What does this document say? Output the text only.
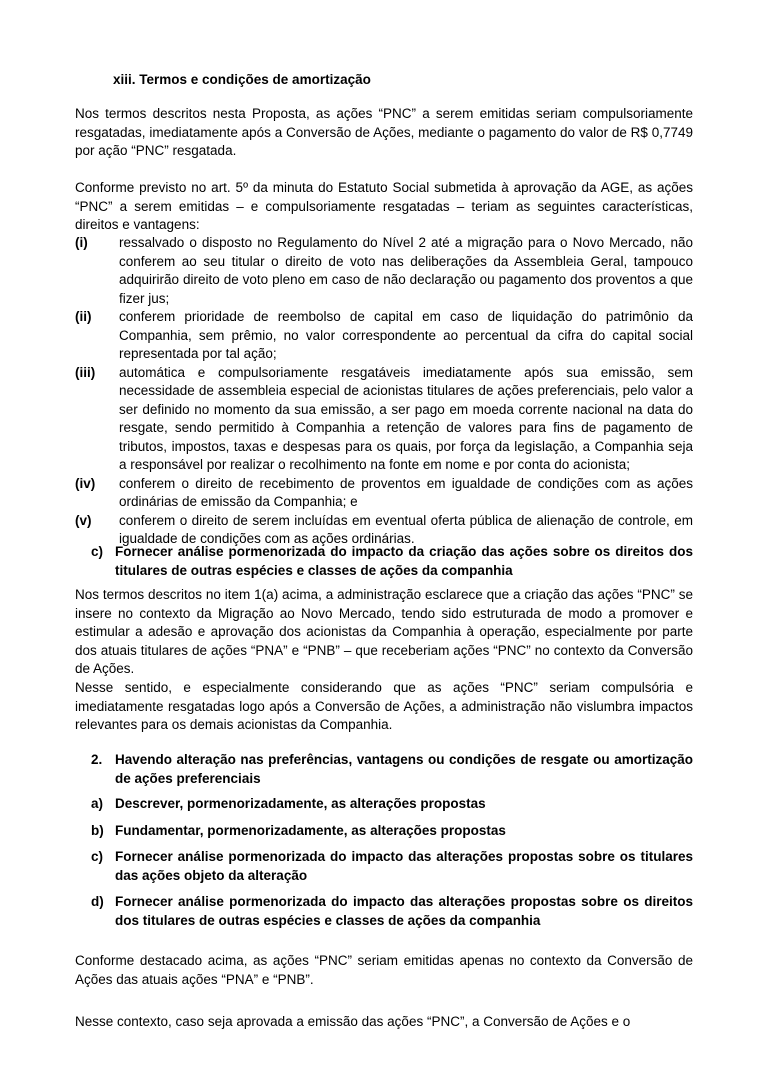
xiii. Termos e condições de amortização
Nos termos descritos nesta Proposta, as ações “PNC” a serem emitidas seriam compulsoriamente resgatadas, imediatamente após a Conversão de Ações, mediante o pagamento do valor de R$ 0,7749 por ação “PNC” resgatada.
Conforme previsto no art. 5º da minuta do Estatuto Social submetida à aprovação da AGE, as ações “PNC” a serem emitidas – e compulsoriamente resgatadas – teriam as seguintes características, direitos e vantagens:
(i) ressalvado o disposto no Regulamento do Nível 2 até a migração para o Novo Mercado, não conferem ao seu titular o direito de voto nas deliberações da Assembleia Geral, tampouco adquirirão direito de voto pleno em caso de não declaração ou pagamento dos proventos a que fizer jus;
(ii) conferem prioridade de reembolso de capital em caso de liquidação do patrimônio da Companhia, sem prêmio, no valor correspondente ao percentual da cifra do capital social representada por tal ação;
(iii) automática e compulsoriamente resgatáveis imediatamente após sua emissão, sem necessidade de assembleia especial de acionistas titulares de ações preferenciais, pelo valor a ser definido no momento da sua emissão, a ser pago em moeda corrente nacional na data do resgate, sendo permitido à Companhia a retenção de valores para fins de pagamento de tributos, impostos, taxas e despesas para os quais, por força da legislação, a Companhia seja a responsável por realizar o recolhimento na fonte em nome e por conta do acionista;
(iv) conferem o direito de recebimento de proventos em igualdade de condições com as ações ordinárias de emissão da Companhia; e
(v) conferem o direito de serem incluídas em eventual oferta pública de alienação de controle, em igualdade de condições com as ações ordinárias.
c) Fornecer análise pormenorizada do impacto da criação das ações sobre os direitos dos titulares de outras espécies e classes de ações da companhia
Nos termos descritos no item 1(a) acima, a administração esclarece que a criação das ações “PNC” se insere no contexto da Migração ao Novo Mercado, tendo sido estruturada de modo a promover e estimular a adesão e aprovação dos acionistas da Companhia à operação, especialmente por parte dos atuais titulares de ações “PNA” e “PNB” – que receberiam ações “PNC” no contexto da Conversão de Ações.
Nesse sentido, e especialmente considerando que as ações “PNC” seriam compulsória e imediatamente resgatadas logo após a Conversão de Ações, a administração não vislumbra impactos relevantes para os demais acionistas da Companhia.
2. Havendo alteração nas preferências, vantagens ou condições de resgate ou amortização de ações preferenciais
a) Descrever, pormenorizadamente, as alterações propostas
b) Fundamentar, pormenorizadamente, as alterações propostas
c) Fornecer análise pormenorizada do impacto das alterações propostas sobre os titulares das ações objeto da alteração
d) Fornecer análise pormenorizada do impacto das alterações propostas sobre os direitos dos titulares de outras espécies e classes de ações da companhia
Conforme destacado acima, as ações “PNC” seriam emitidas apenas no contexto da Conversão de Ações das atuais ações “PNA” e “PNB”.
Nesse contexto, caso seja aprovada a emissão das ações “PNC”, a Conversão de Ações e o
